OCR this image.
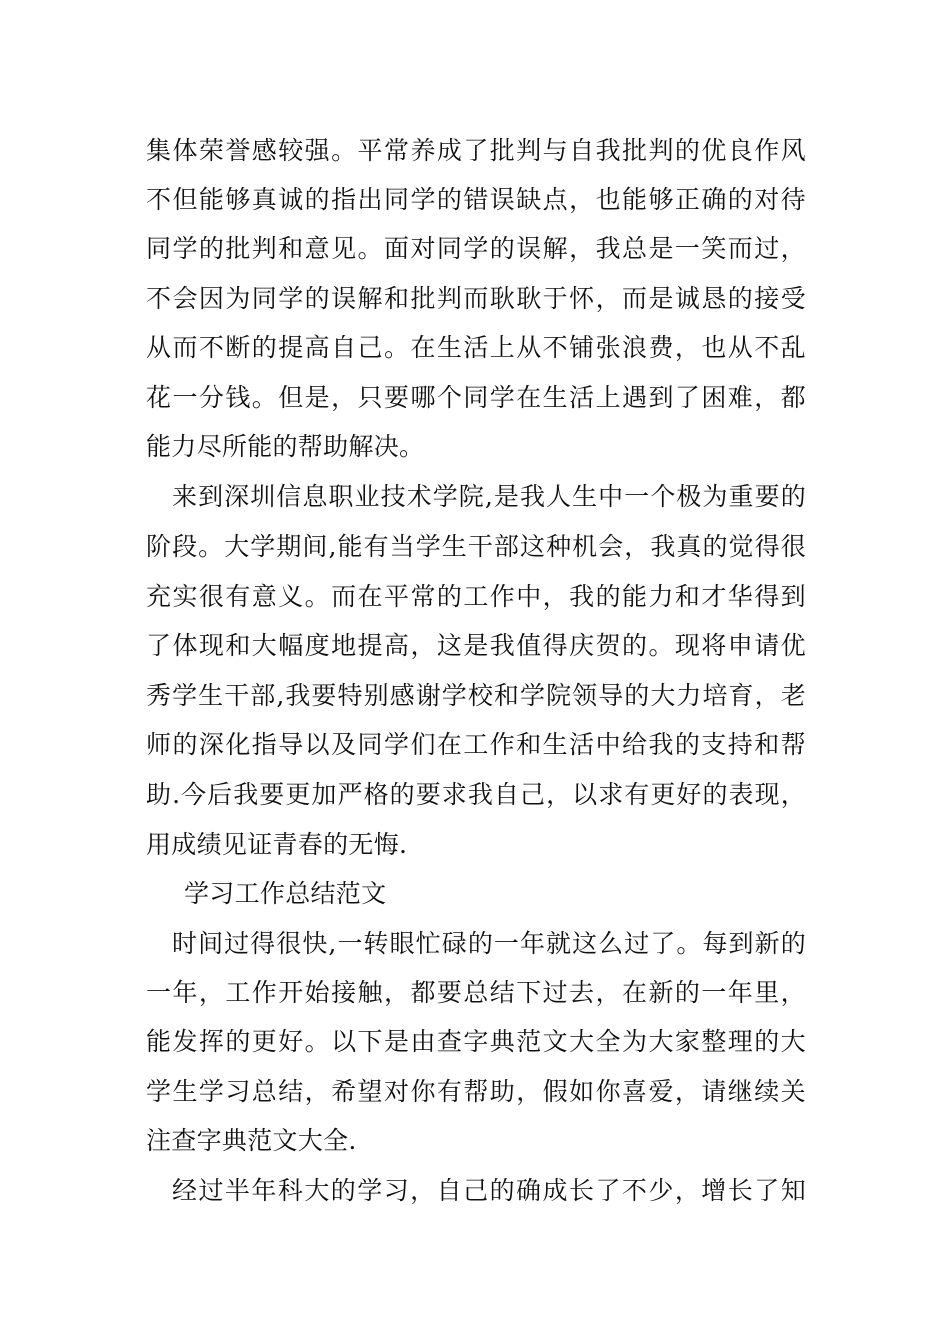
集体荣誉感较强。平常养成了批判与自我批判的优良作风
不但能够真诚的指出同学的错误缺点，也能够正确的对待
同学的批判和意见。面对同学的误解，我总是一笑而过，
不会因为同学的误解和批判而耿耿于怀，而是诚恳的接受
从而不断的提高自己。在生活上从不铺张浪费，也从不乱
花一分钱。但是，只要哪个同学在生活上遇到了困难，都
能力尽所能的帮助解决。
来到深圳信息职业技术学院,是我人生中一个极为重要的
阶段。大学期间,能有当学生干部这种机会，我真的觉得很
充实很有意义。而在平常的工作中，我的能力和才华得到
了体现和大幅度地提高，这是我值得庆贺的。现将申请优
秀学生干部,我要特别感谢学校和学院领导的大力培育，老
师的深化指导以及同学们在工作和生活中给我的支持和帮
助.今后我要更加严格的要求我自己，以求有更好的表现，
用成绩见证青春的无悔.
学习工作总结范文
时间过得很快,一转眼忙碌的一年就这么过了。每到新的
一年，工作开始接触，都要总结下过去，在新的一年里，
能发挥的更好。以下是由查字典范文大全为大家整理的大
学生学习总结，希望对你有帮助，假如你喜爱，请继续关
注查字典范文大全.
经过半年科大的学习，自己的确成长了不少，增长了知
